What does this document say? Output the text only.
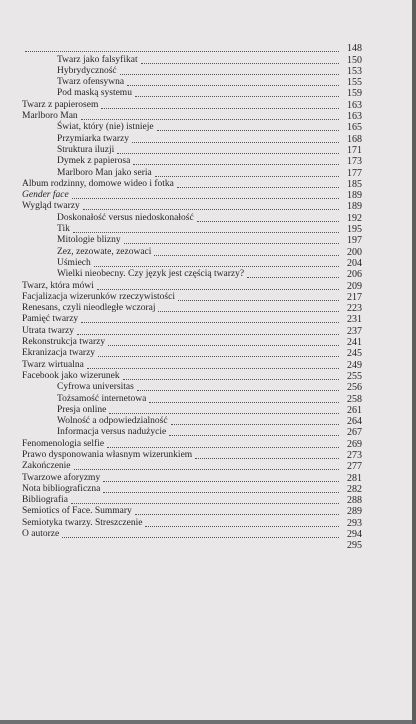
148
Twarz jako falsyfikat	150
Hybrydyczność	153
Twarz ofensywna	155
Pod maską systemu	159
Twarz z papierosem	163
Marlboro Man	163
Świat, który (nie) istnieje	165
Przymiarka twarzy	168
Struktura iluzji	171
Dymek z papierosa	173
Marlboro Man jako seria	177
Album rodzinny, domowe wideo i fotka	185
Gender face	189
Wygląd twarzy	189
Doskonałość versus niedoskonałość	192
Tik	195
Mitologie blizny	197
Zez, zezowate, zezowaci	200
Uśmiech	204
Wielki nieobecny. Czy język jest częścią twarzy?	206
Twarz, która mówi	209
Facjalizacja wizerunków rzeczywistości	217
Renesans, czyli nieodległe wczoraj	223
Pamięć twarzy	231
Utrata twarzy	237
Rekonstrukcja twarzy	241
Ekranizacja twarzy	245
Twarz wirtualna	249
Facebook jako wizerunek	255
Cyfrowa universitas	256
Tożsamość internetowa	258
Presja online	261
Wolność a odpowiedzialność	264
Informacja versus nadużycie	267
Fenomenologia selfie	269
Prawo dysponowania własnym wizerunkiem	273
Zakończenie	277
Twarzowe aforyzmy	281
Nota bibliograficzna	282
Bibliografia	288
Semiotics of Face. Summary	289
Semiotyka twarzy. Streszczenie	293
O autorze	294
295
